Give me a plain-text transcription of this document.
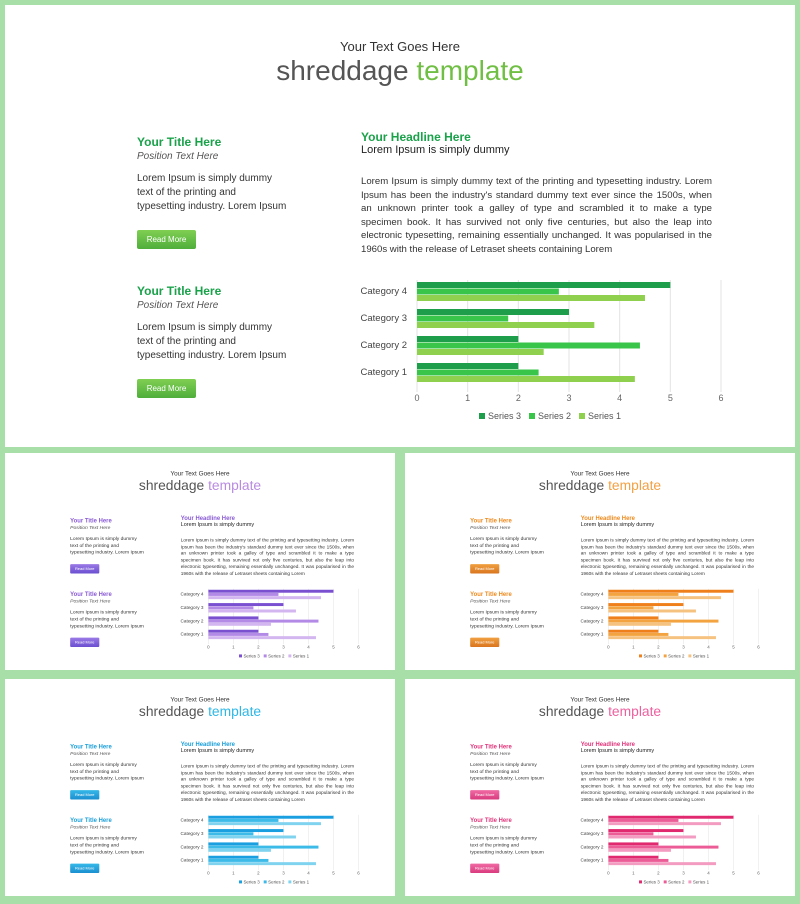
Your Text Goes Here
shreddage template
Your Title Here
Position Text Here
Lorem Ipsum is simply dummy text of the printing and typesetting industry. Lorem Ipsum
Read More
Your Title Here
Position Text Here
Lorem Ipsum is simply dummy text of the printing and typesetting industry. Lorem Ipsum
Read More
Your Headline Here
Lorem Ipsum is simply dummy
Lorem Ipsum is simply dummy text of the printing and typesetting industry. Lorem Ipsum has been the industry's standard dummy text ever since the 1500s, when an unknown printer took a galley of type and scrambled it to make a type specimen book. It has survived not only five centuries, but also the leap into electronic typesetting, remaining essentially unchanged. It was popularised in the 1960s with the release of Letraset sheets containing Lorem
0	1	2	3	4	5	6
Category 1
Category 2
Category 3
Category 4
Series 3 Series 2 Series 1
Your Text Goes Here
shreddage template
Your Title Here
Position Text Here
Lorem Ipsum is simply dummy text of the printing and typesetting industry. Lorem Ipsum
Read More
Your Title Here
Position Text Here
Lorem Ipsum is simply dummy text of the printing and typesetting industry. Lorem Ipsum
Read More
Your Headline Here
Lorem Ipsum is simply dummy
Lorem Ipsum is simply dummy text of the printing and typesetting industry. Lorem Ipsum has been the industry's standard dummy text ever since the 1500s, when an unknown printer took a galley of type and scrambled it to make a type specimen book. It has survived not only five centuries, but also the leap into electronic typesetting, remaining essentially unchanged. It was popularised in the 1960s with the release of Letraset sheets containing Lorem
0	1	2	3	4	5	6
Category 1
Category 2
Category 3
Category 4
Series 3 Series 2 Series 1
Your Text Goes Here
shreddage template
Your Title Here
Position Text Here
Lorem Ipsum is simply dummy text of the printing and typesetting industry. Lorem Ipsum
Read More
Your Title Here
Position Text Here
Lorem Ipsum is simply dummy text of the printing and typesetting industry. Lorem Ipsum
Read More
Your Headline Here
Lorem Ipsum is simply dummy
Lorem Ipsum is simply dummy text of the printing and typesetting industry. Lorem Ipsum has been the industry's standard dummy text ever since the 1500s, when an unknown printer took a galley of type and scrambled it to make a type specimen book. It has survived not only five centuries, but also the leap into electronic typesetting, remaining essentially unchanged. It was popularised in the 1960s with the release of Letraset sheets containing Lorem
0	1	2	3	4	5	6
Category 1
Category 2
Category 3
Category 4
Series 3 Series 2 Series 1
Your Text Goes Here
shreddage template
Your Title Here
Position Text Here
Lorem Ipsum is simply dummy text of the printing and typesetting industry. Lorem Ipsum
Read More
Your Title Here
Position Text Here
Lorem Ipsum is simply dummy text of the printing and typesetting industry. Lorem Ipsum
Read More
Your Headline Here
Lorem Ipsum is simply dummy
Lorem Ipsum is simply dummy text of the printing and typesetting industry. Lorem Ipsum has been the industry's standard dummy text ever since the 1500s, when an unknown printer took a galley of type and scrambled it to make a type specimen book. It has survived not only five centuries, but also the leap into electronic typesetting, remaining essentially unchanged. It was popularised in the 1960s with the release of Letraset sheets containing Lorem
0	1	2	3	4	5	6
Category 1
Category 2
Category 3
Category 4
Series 3 Series 2 Series 1
Your Text Goes Here
shreddage template
Your Title Here
Position Text Here
Lorem Ipsum is simply dummy text of the printing and typesetting industry. Lorem Ipsum
Read More
Your Title Here
Position Text Here
Lorem Ipsum is simply dummy text of the printing and typesetting industry. Lorem Ipsum
Read More
Your Headline Here
Lorem Ipsum is simply dummy
Lorem Ipsum is simply dummy text of the printing and typesetting industry. Lorem Ipsum has been the industry's standard dummy text ever since the 1500s, when an unknown printer took a galley of type and scrambled it to make a type specimen book. It has survived not only five centuries, but also the leap into electronic typesetting, remaining essentially unchanged. It was popularised in the 1960s with the release of Letraset sheets containing Lorem
0	1	2	3	4	5	6
Category 1
Category 2
Category 3
Category 4
Series 3 Series 2 Series 1
